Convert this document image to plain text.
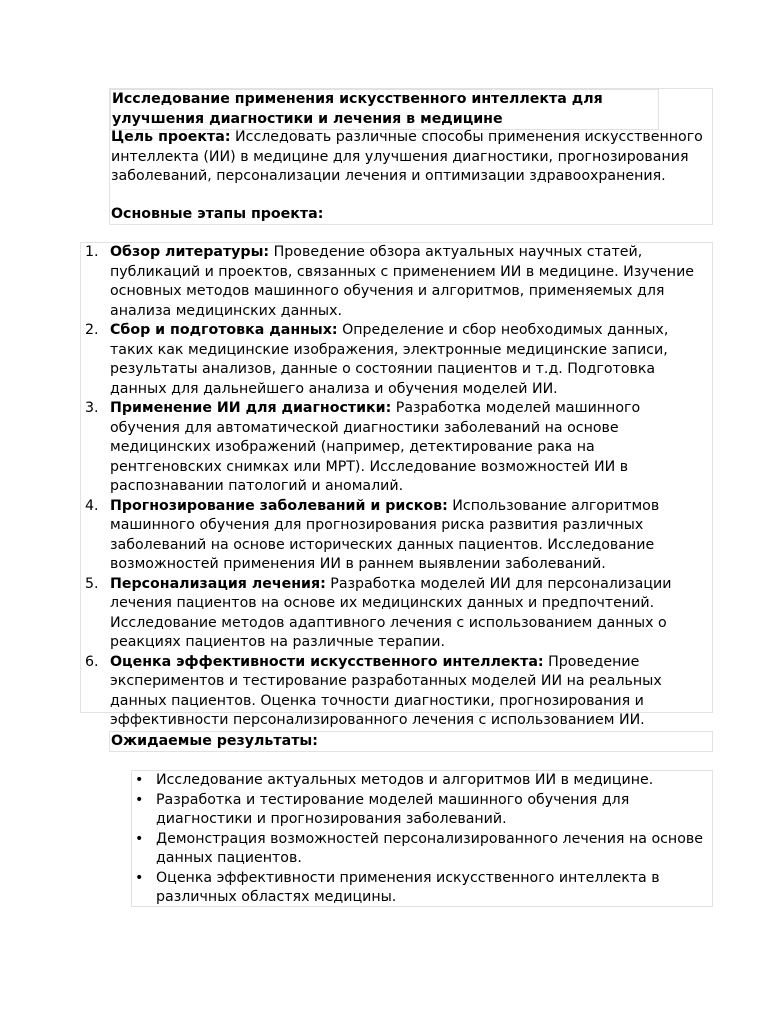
Исследование применения искусственного интеллекта для улучшения диагностики и лечения в медицине
Цель проекта: Исследовать различные способы применения искусственного интеллекта (ИИ) в медицине для улучшения диагностики, прогнозирования заболеваний, персонализации лечения и оптимизации здравоохранения.
Основные этапы проекта:
1. Обзор литературы: Проведение обзора актуальных научных статей, публикаций и проектов, связанных с применением ИИ в медицине. Изучение основных методов машинного обучения и алгоритмов, применяемых для анализа медицинских данных.
2. Сбор и подготовка данных: Определение и сбор необходимых данных, таких как медицинские изображения, электронные медицинские записи, результаты анализов, данные о состоянии пациентов и т.д. Подготовка данных для дальнейшего анализа и обучения моделей ИИ.
3. Применение ИИ для диагностики: Разработка моделей машинного обучения для автоматической диагностики заболеваний на основе медицинских изображений (например, детектирование рака на рентгеновских снимках или МРТ). Исследование возможностей ИИ в распознавании патологий и аномалий.
4. Прогнозирование заболеваний и рисков: Использование алгоритмов машинного обучения для прогнозирования риска развития различных заболеваний на основе исторических данных пациентов. Исследование возможностей применения ИИ в раннем выявлении заболеваний.
5. Персонализация лечения: Разработка моделей ИИ для персонализации лечения пациентов на основе их медицинских данных и предпочтений. Исследование методов адаптивного лечения с использованием данных о реакциях пациентов на различные терапии.
6. Оценка эффективности искусственного интеллекта: Проведение экспериментов и тестирование разработанных моделей ИИ на реальных данных пациентов. Оценка точности диагностики, прогнозирования и эффективности персонализированного лечения с использованием ИИ.
Ожидаемые результаты:
• Исследование актуальных методов и алгоритмов ИИ в медицине.
• Разработка и тестирование моделей машинного обучения для диагностики и прогнозирования заболеваний.
• Демонстрация возможностей персонализированного лечения на основе данных пациентов.
• Оценка эффективности применения искусственного интеллекта в различных областях медицины.
